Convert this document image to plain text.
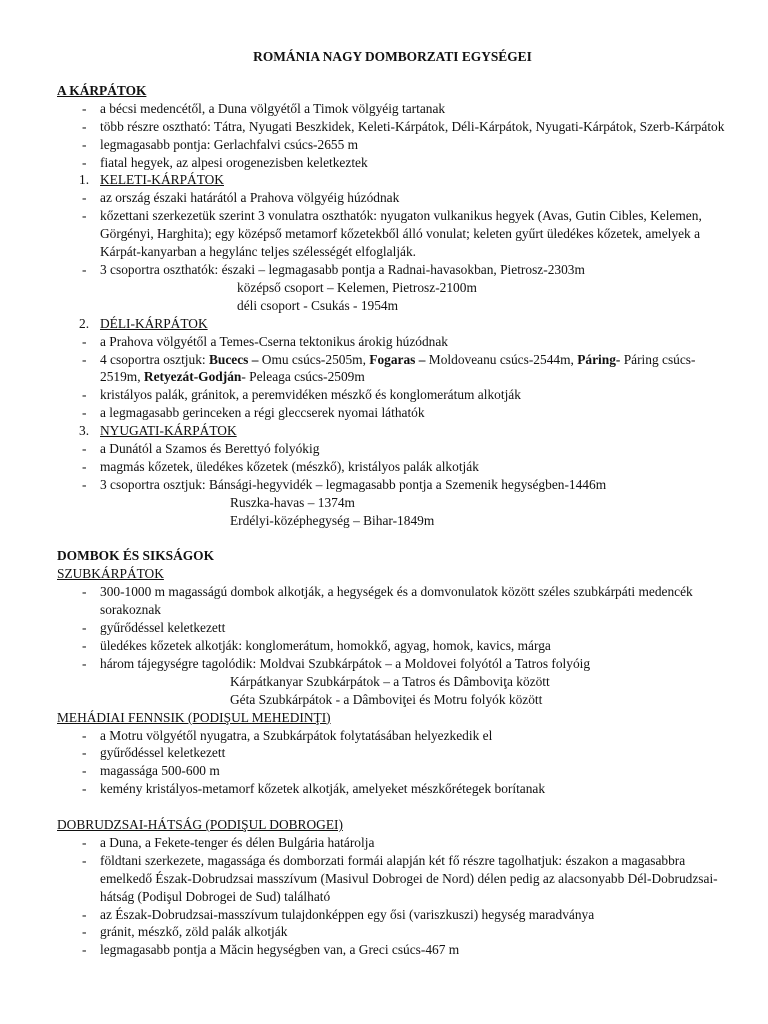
ROMÁNIA NAGY DOMBORZATI EGYSÉGEI
A KÁRPÁTOK
- a bécsi medencétől, a Duna völgyétől a Timok völgyéig tartanak
- több részre osztható: Tátra, Nyugati Beszkidek, Keleti-Kárpátok, Déli-Kárpátok, Nyugati-Kárpátok, Szerb-Kárpátok
- legmagasabb pontja: Gerlachfalvi csúcs-2655 m
- fiatal hegyek, az alpesi orogenezisben keletkeztek
1. KELETI-KÁRPÁTOK
- az ország északi határától a Prahova völgyéig húzódnak
- kőzettani szerkezetük szerint 3 vonulatra oszthatók: nyugaton vulkanikus hegyek (Avas, Gutin Cibles, Kelemen, Görgényi, Harghita); egy középső metamorf kőzetekből álló vonulat; keleten gyűrt üledékes kőzetek, amelyek a Kárpát-kanyarban a hegylánc teljes szélességét elfoglalják.
- 3 csoportra oszthatók: északi – legmagasabb pontja a Radnai-havasokban, Pietrosz-2303m
középső csoport – Kelemen, Pietrosz-2100m
déli csoport - Csukás - 1954m
2. DÉLI-KÁRPÁTOK
- a Prahova völgyétől a Temes-Cserna tektonikus árokig húzódnak
- 4 csoportra osztjuk: Bucecs – Omu csúcs-2505m, Fogaras – Moldoveanu csúcs-2544m, Páring- Páring csúcs-2519m, Retyezát-Godján- Peleaga csúcs-2509m
- kristályos palák, gránitok, a peremvidéken mészkő és konglomerátum alkotják
- a legmagasabb gerinceken a régi gleccserek nyomai láthatók
3. NYUGATI-KÁRPÁTOK
- a Dunától a Szamos és Berettyó folyókig
- magmás kőzetek, üledékes kőzetek (mészkő), kristályos palák alkotják
- 3 csoportra osztjuk: Bánsági-hegyvidék – legmagasabb pontja a Szemenik hegységben-1446m
Ruszka-havas – 1374m
Erdélyi-középhegység – Bihar-1849m
DOMBOK ÉS SIKSÁGOK
SZUBKÁRPÁTOK
- 300-1000 m magasságú dombok alkotják, a hegységek és a domvonulatok között széles szubkárpáti medencék sorakoznak
- gyűrődéssel keletkezett
- üledékes kőzetek alkotják: konglomerátum, homokkő, agyag, homok, kavics, márga
- három tájegységre tagolódik: Moldvai Szubkárpátok – a Moldovei folyótól a Tatros folyóig
Kárpátkanyar Szubkárpátok – a Tatros és Dâmboviţa között
Géta Szubkárpátok - a Dâmboviţei és Motru folyók között
MEHÁDIAI FENNSIK (PODIŞUL MEHEDINŢI)
- a Motru völgyétől nyugatra, a Szubkárpátok folytatásában helyezkedik el
- gyűrődéssel keletkezett
- magassága 500-600 m
- kemény kristályos-metamorf kőzetek alkotják, amelyeket mészkőrétegek borítanak
DOBRUDZSAI-HÁTSÁG (PODIŞUL DOBROGEI)
- a Duna, a Fekete-tenger és délen Bulgária határolja
- földtani szerkezete, magassága és domborzati formái alapján két fő részre tagolhatjuk: északon a magasabbra emelkedő Észak-Dobrudzsai masszívum (Masivul Dobrogei de Nord) délen pedig az alacsonyabb Dél-Dobrudzsai-hátság (Podişul Dobrogei de Sud) található
- az Észak-Dobrudzsai-masszívum tulajdonképpen egy ősi (variszkuszi) hegység maradványa
- gránit, mészkő, zöld palák alkotják
- legmagasabb pontja a Măcin hegységben van, a Greci csúcs-467 m
